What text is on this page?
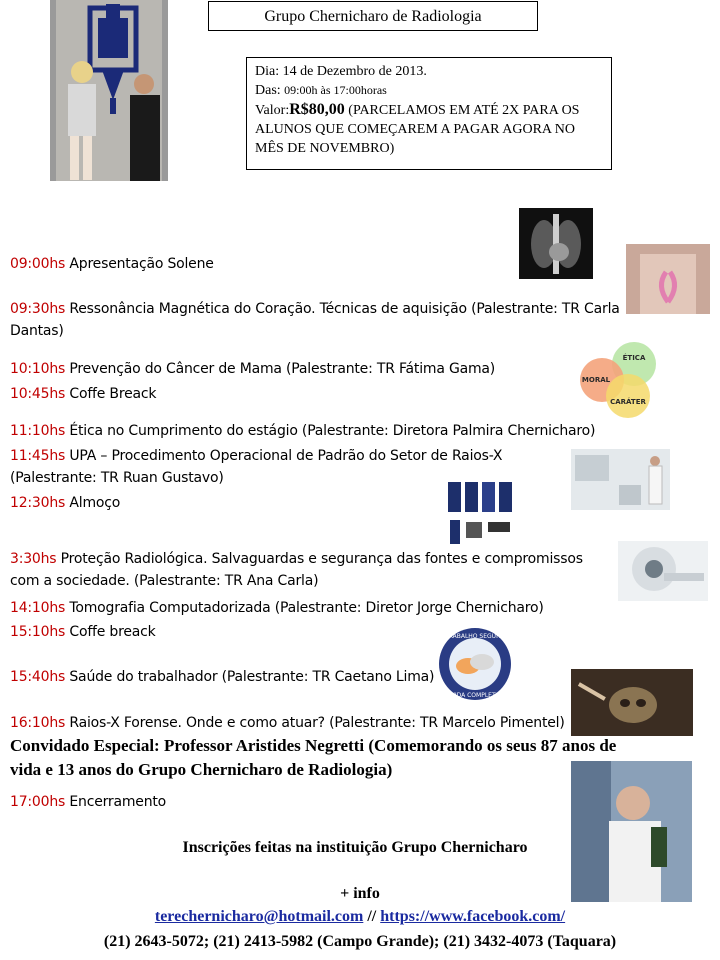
Grupo Chernicharo de Radiologia
Dia: 14 de Dezembro de 2013.
Das: 09:00h às 17:00horas
Valor:R$80,00 (PARCELAMOS EM ATÉ 2X PARA OS ALUNOS QUE COMEÇAREM A PAGAR AGORA NO MÊS DE NOVEMBRO)
ÉTICA
MORAL
CARÁTER
TRABALHO SEGURO
VIDA COMPLETA
09:00hs Apresentação Solene
09:30hs Ressonância Magnética do Coração. Técnicas de aquisição (Palestrante: TR Carla
Dantas)
10:10hs Prevenção do Câncer de Mama (Palestrante: TR Fátima Gama)
10:45hs Coffe Breack
11:10hs Ética no Cumprimento do estágio (Palestrante: Diretora Palmira Chernicharo)
11:45hs UPA – Procedimento Operacional de Padrão do Setor de Raios-X
(Palestrante: TR Ruan Gustavo)
12:30hs Almoço
3:30hs Proteção Radiológica. Salvaguardas e segurança das fontes e compromissos
com a sociedade. (Palestrante: TR Ana Carla)
14:10hs Tomografia Computadorizada (Palestrante: Diretor Jorge Chernicharo)
15:10hs Coffe breack
15:40hs Saúde do trabalhador (Palestrante: TR Caetano Lima)
16:10hs Raios-X Forense. Onde e como atuar? (Palestrante: TR Marcelo Pimentel)
Convidado Especial: Professor Aristides Negretti (Comemorando os seus 87 anos de
vida e 13 anos do Grupo Chernicharo de Radiologia)
17:00hs Encerramento
Inscrições feitas na instituição Grupo Chernicharo
+ info
terechernicharo@hotmail.com // https://www.facebook.com/
(21) 2643-5072; (21) 2413-5982 (Campo Grande); (21) 3432-4073 (Taquara)
